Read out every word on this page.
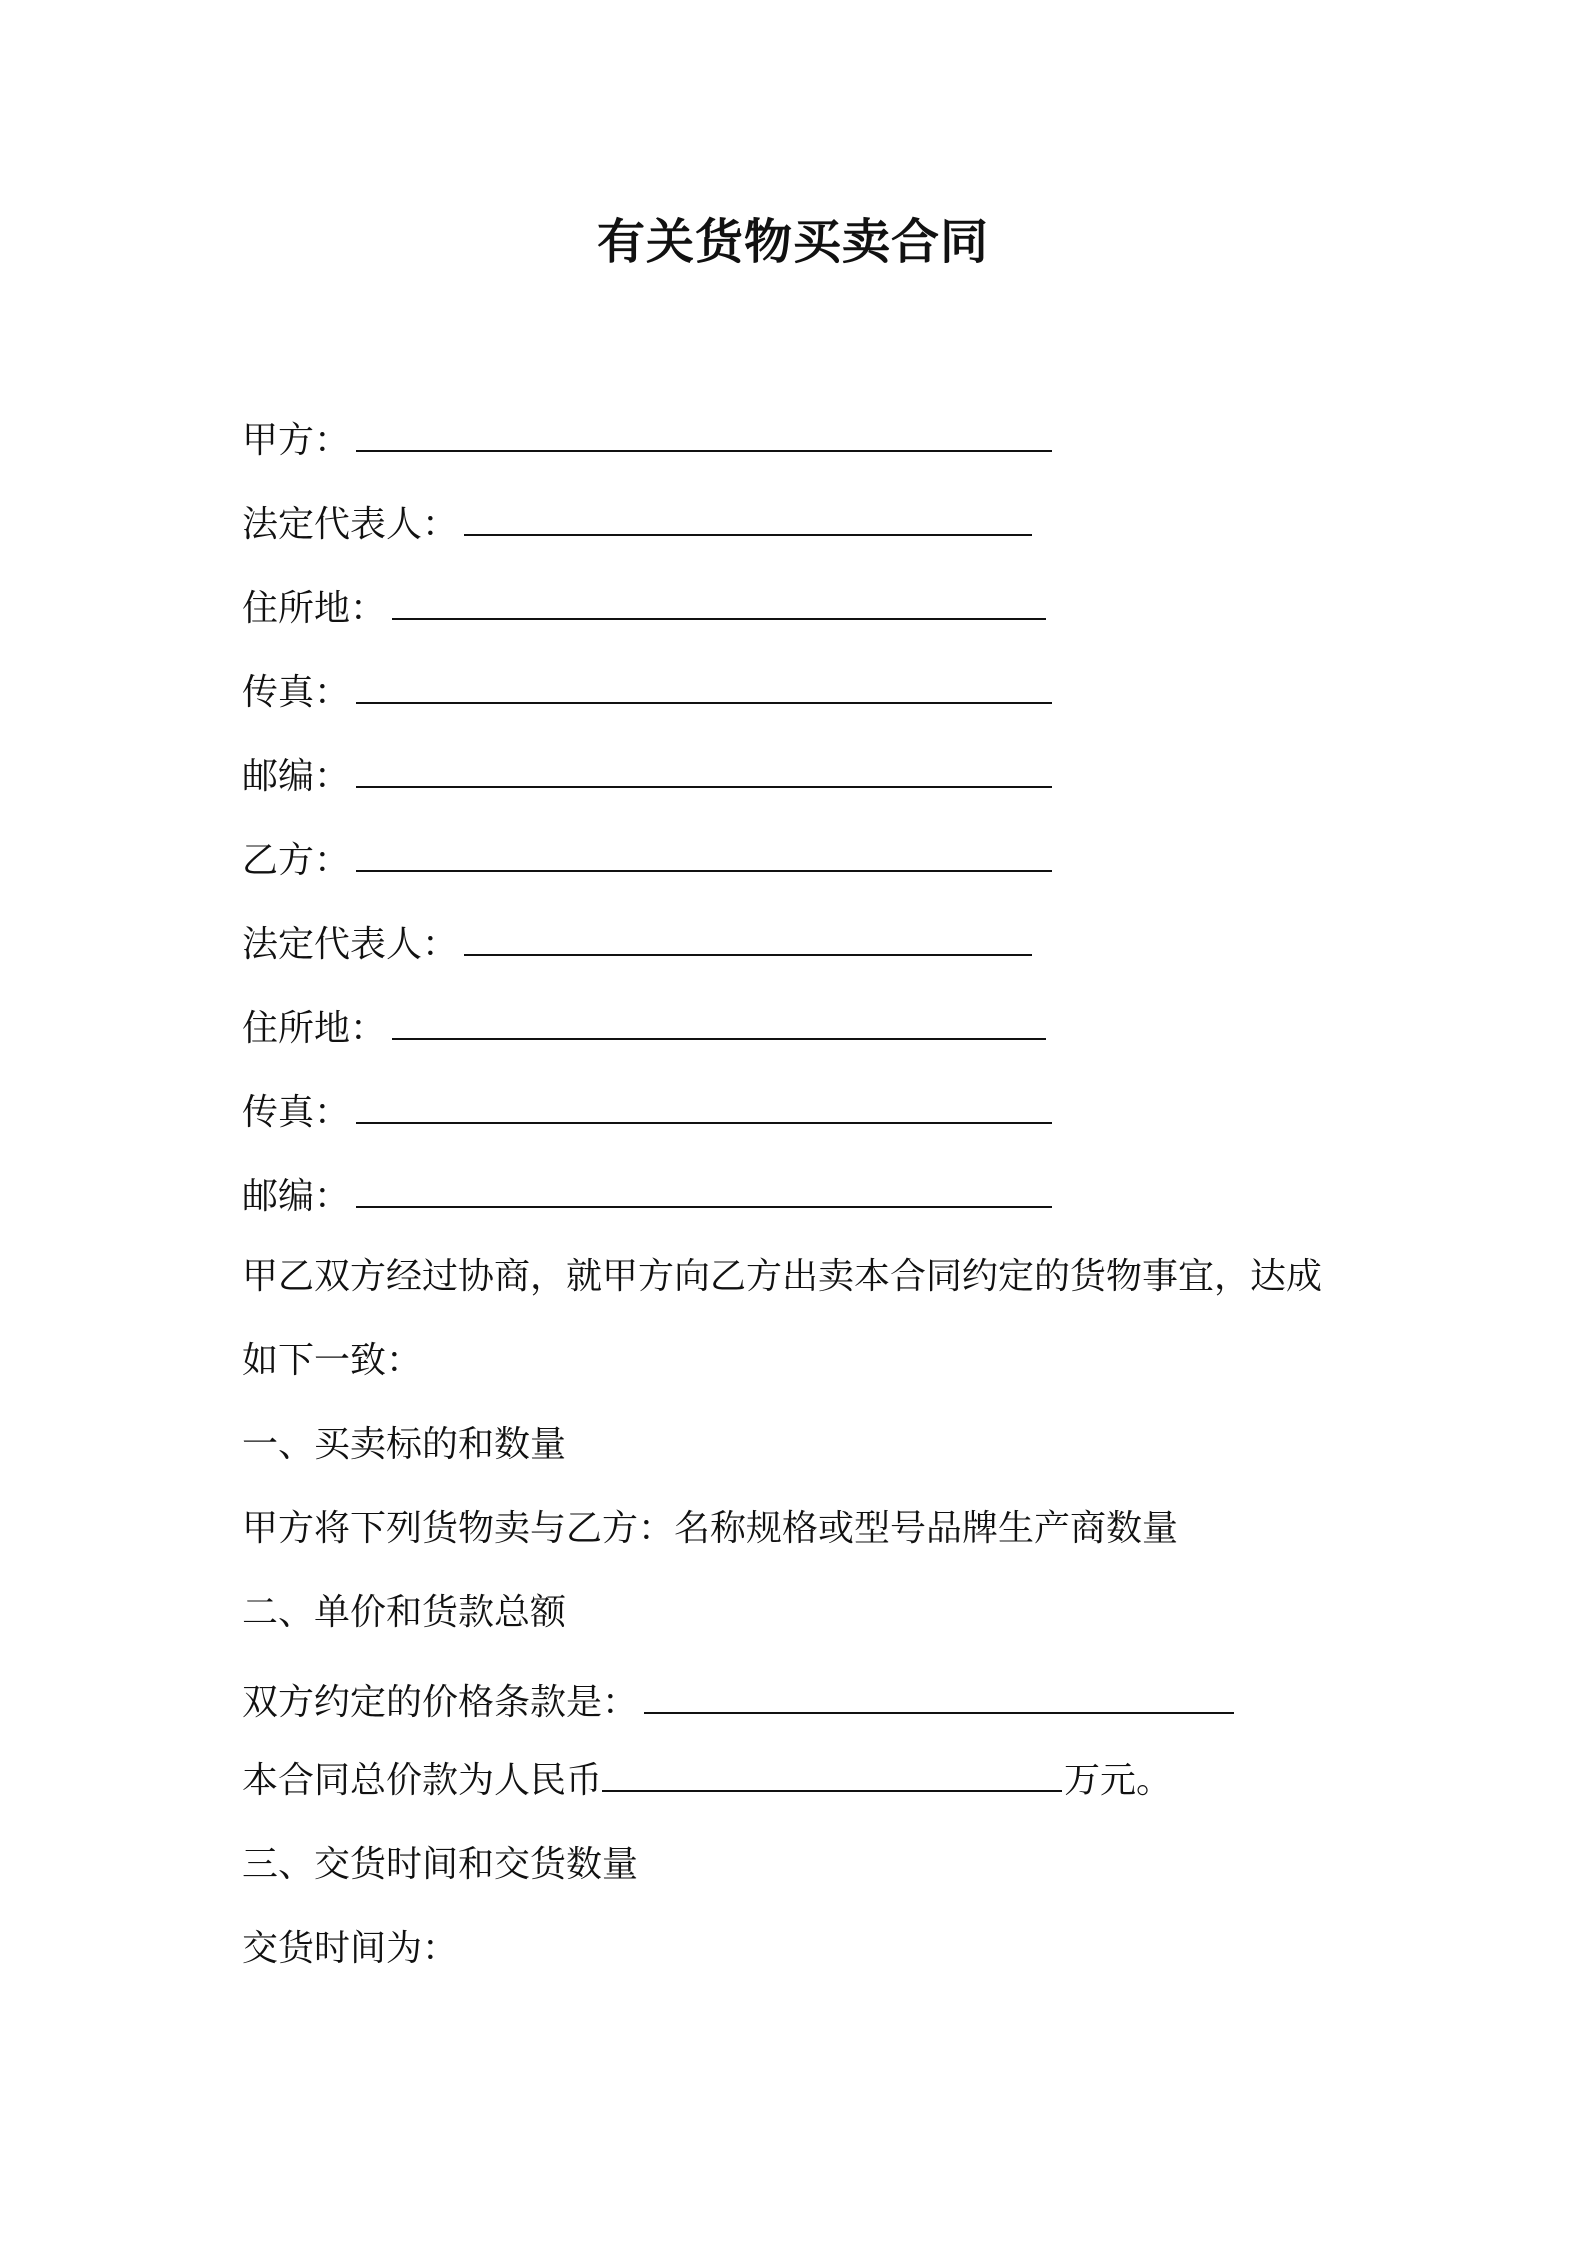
有关货物买卖合同
甲方：
法定代表人：
住所地：
传真：
邮编：
乙方：
法定代表人：
住所地：
传真：
邮编：
甲乙双方经过协商，就甲方向乙方出卖本合同约定的货物事宜，达成
如下一致：
一、买卖标的和数量
甲方将下列货物卖与乙方：名称规格或型号品牌生产商数量
二、单价和货款总额
双方约定的价格条款是：
本合同总价款为人民币	万元。
三、交货时间和交货数量
交货时间为：
